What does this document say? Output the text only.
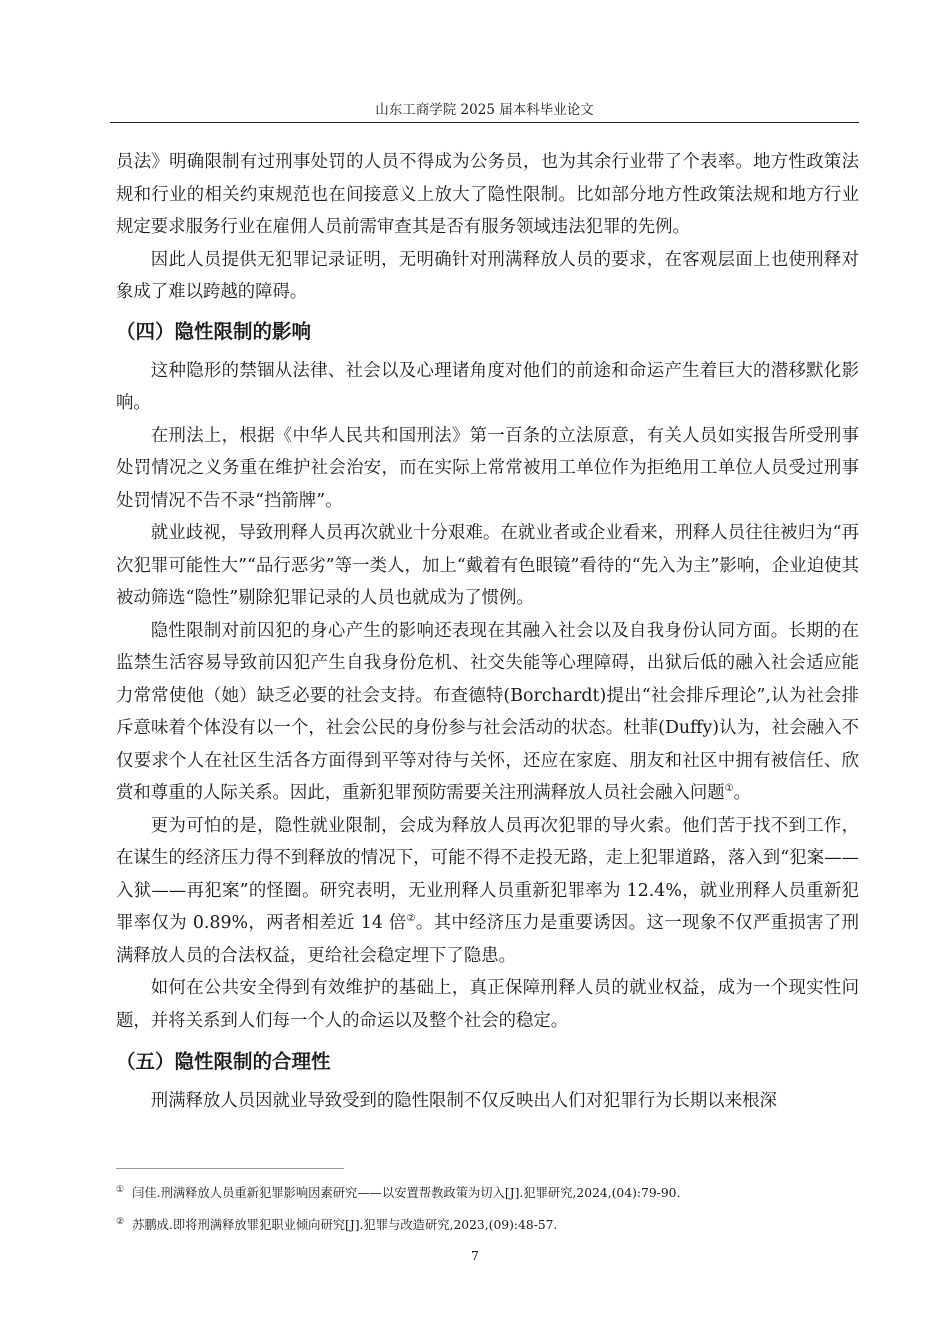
山东工商学院 2025 届本科毕业论文

员法》明确限制有过刑事处罚的人员不得成为公务员，也为其余行业带了个表率。地方性政策法规和行业的相关约束规范也在间接意义上放大了隐性限制。比如部分地方性政策法规和地方行业规定要求服务行业在雇佣人员前需审查其是否有服务领域违法犯罪的先例。

因此人员提供无犯罪记录证明，无明确针对刑满释放人员的要求，在客观层面上也使刑释对象成了难以跨越的障碍。

（四）隐性限制的影响

这种隐形的禁锢从法律、社会以及心理诸角度对他们的前途和命运产生着巨大的潜移默化影响。

在刑法上，根据《中华人民共和国刑法》第一百条的立法原意，有关人员如实报告所受刑事处罚情况之义务重在维护社会治安，而在实际上常常被用工单位作为拒绝用工单位人员受过刑事处罚情况不告不录“挡箭牌”。

就业歧视，导致刑释人员再次就业十分艰难。在就业者或企业看来，刑释人员往往被归为“再次犯罪可能性大”“品行恶劣”等一类人，加上“戴着有色眼镜”看待的“先入为主”影响，企业迫使其被动筛选“隐性”剔除犯罪记录的人员也就成为了惯例。

隐性限制对前囚犯的身心产生的影响还表现在其融入社会以及自我身份认同方面。长期的在监禁生活容易导致前囚犯产生自我身份危机、社交失能等心理障碍，出狱后低的融入社会适应能力常常使他（她）缺乏必要的社会支持。布查德特(Borchardt)提出“社会排斥理论”,认为社会排斥意味着个体没有以一个，社会公民的身份参与社会活动的状态。杜菲(Duffy)认为，社会融入不仅要求个人在社区生活各方面得到平等对待与关怀，还应在家庭、朋友和社区中拥有被信任、欣赏和尊重的人际关系。因此，重新犯罪预防需要关注刑满释放人员社会融入问题①。

更为可怕的是，隐性就业限制，会成为释放人员再次犯罪的导火索。他们苦于找不到工作，在谋生的经济压力得不到释放的情况下，可能不得不走投无路，走上犯罪道路，落入到“犯案——入狱——再犯案”的怪圈。研究表明，无业刑释人员重新犯罪率为 12.4%，就业刑释人员重新犯罪率仅为 0.89%，两者相差近 14 倍②。其中经济压力是重要诱因。这一现象不仅严重损害了刑满释放人员的合法权益，更给社会稳定埋下了隐患。

如何在公共安全得到有效维护的基础上，真正保障刑释人员的就业权益，成为一个现实性问题，并将关系到人们每一个人的命运以及整个社会的稳定。

（五）隐性限制的合理性

刑满释放人员因就业导致受到的隐性限制不仅反映出人们对犯罪行为长期以来根深

① 闫佳.刑满释放人员重新犯罪影响因素研究——以安置帮教政策为切入[J].犯罪研究,2024,(04):79-90.

② 苏鹏成.即将刑满释放罪犯职业倾向研究[J].犯罪与改造研究,2023,(09):48-57.

7
